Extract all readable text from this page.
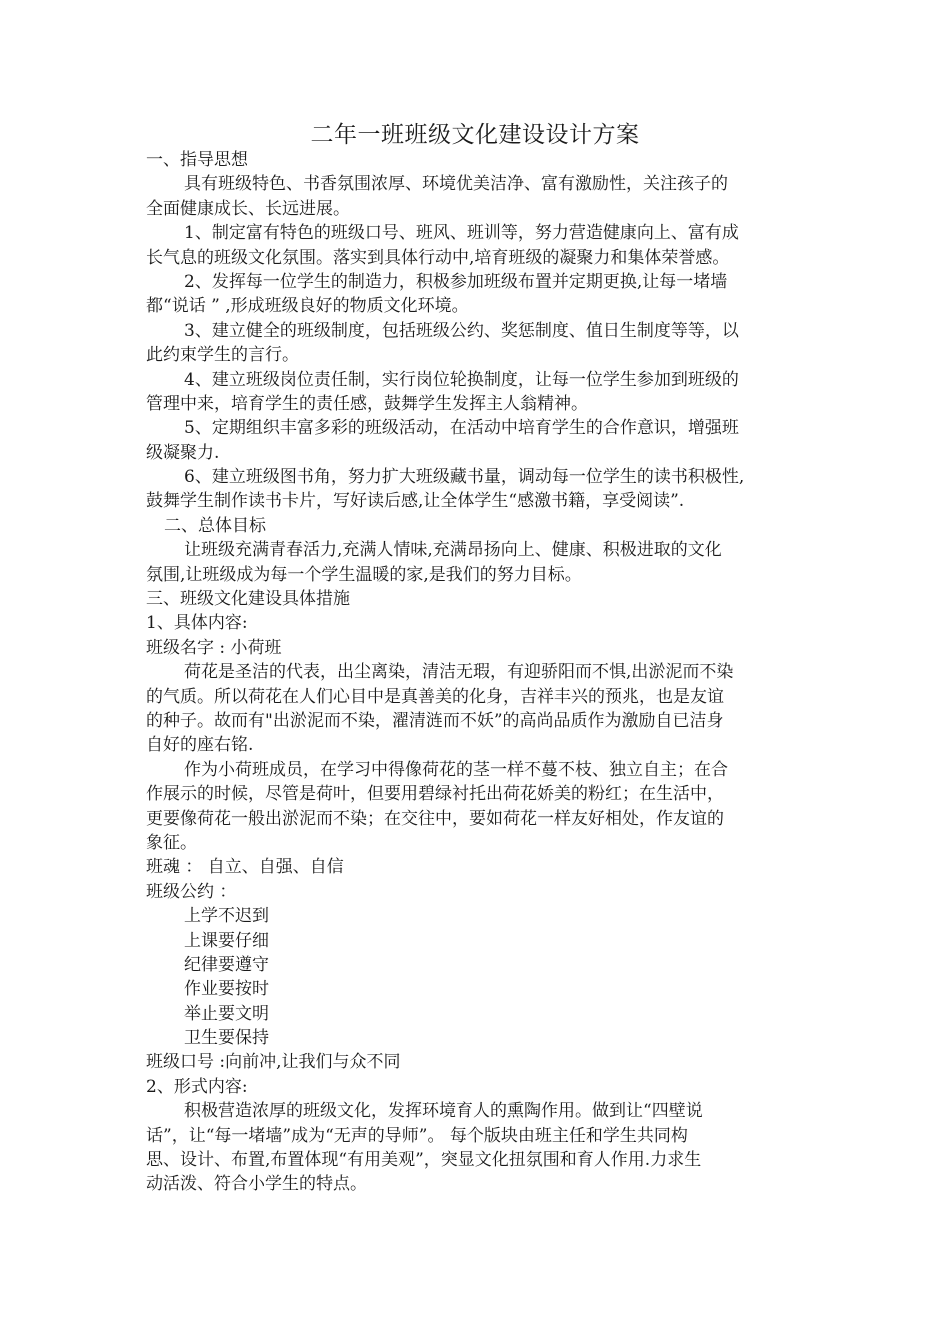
二年一班班级文化建设设计方案
一、指导思想
具有班级特色、书香氛围浓厚、环境优美洁净、富有激励性，关注孩子的
全面健康成长、长远进展。
1、制定富有特色的班级口号、班风、班训等，努力营造健康向上、富有成
长气息的班级文化氛围。落实到具体行动中,培育班级的凝聚力和集体荣誉感。
2、发挥每一位学生的制造力，积极参加班级布置并定期更换,让每一堵墙
都“说话 ” ,形成班级良好的物质文化环境。
3、建立健全的班级制度，包括班级公约、奖惩制度、值日生制度等等，以
此约束学生的言行。
4、建立班级岗位责任制，实行岗位轮换制度，让每一位学生参加到班级的
管理中来，培育学生的责任感，鼓舞学生发挥主人翁精神。
5、定期组织丰富多彩的班级活动，在活动中培育学生的合作意识，增强班
级凝聚力.
6、建立班级图书角，努力扩大班级藏书量，调动每一位学生的读书积极性,
鼓舞学生制作读书卡片，写好读后感,让全体学生“感激书籍，享受阅读”.
二、总体目标
让班级充满青春活力,充满人情味,充满昂扬向上、健康、积极进取的文化
氛围,让班级成为每一个学生温暖的家,是我们的努力目标。
三、班级文化建设具体措施
1、具体内容:
班级名字 : 小荷班
荷花是圣洁的代表，出尘离染，清洁无瑕，有迎骄阳而不惧,出淤泥而不染
的气质。所以荷花在人们心目中是真善美的化身，吉祥丰兴的预兆，也是友谊
的种子。故而有"出淤泥而不染，濯清涟而不妖”的高尚品质作为激励自已洁身
自好的座右铭.
作为小荷班成员，在学习中得像荷花的茎一样不蔓不枝、独立自主；在合
作展示的时候，尽管是荷叶，但要用碧绿衬托出荷花娇美的粉红；在生活中，
更要像荷花一般出淤泥而不染；在交往中，要如荷花一样友好相处，作友谊的
象征。
班魂 ： 自立、自强、自信
班级公约 ：
上学不迟到
上课要仔细
纪律要遵守
作业要按时
举止要文明
卫生要保持
班级口号 :向前冲,让我们与众不同
2、形式内容:
积极营造浓厚的班级文化，发挥环境育人的熏陶作用。做到让“四壁说
话”，让“每一堵墙”成为“无声的导师”。 每个版块由班主任和学生共同构
思、设计、布置,布置体现“有用美观”，突显文化扭氛围和育人作用.力求生
动活泼、符合小学生的特点。
